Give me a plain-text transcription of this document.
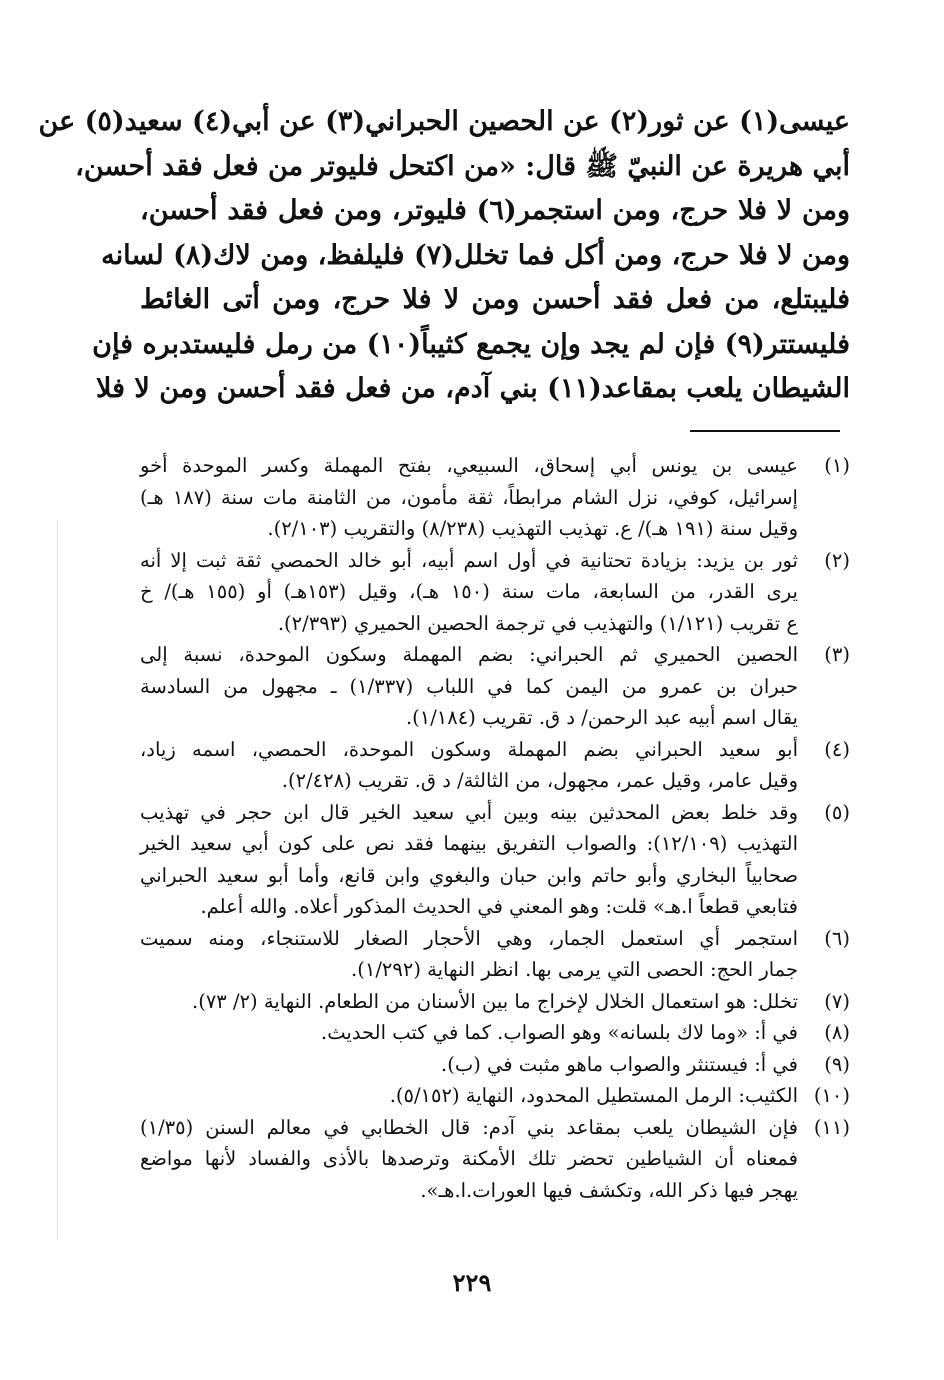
عيسى(١) عن ثور(٢) عن الحصين الحبراني(٣) عن أبي(٤) سعيد(٥) عن
أبي هريرة عن النبيّ ﷺ قال: «من اكتحل فليوتر من فعل فقد أحسن،
ومن لا فلا حرج، ومن استجمر(٦) فليوتر، ومن فعل فقد أحسن،
ومن لا فلا حرج، ومن أكل فما تخلل(٧) فليلفظ، ومن لاك(٨) لسانه
فليبتلع، من فعل فقد أحسن ومن لا فلا حرج، ومن أتى الغائط
فليستتر(٩) فإن لم يجد وإن يجمع كثيباً(١٠) من رمل فليستدبره فإن
الشيطان يلعب بمقاعد(١١) بني آدم، من فعل فقد أحسن ومن لا فلا
(١)
عيسى بن يونس أبي إسحاق، السبيعي، بفتح المهملة وكسر الموحدة أخو
إسرائيل، كوفي، نزل الشام مرابطاً، ثقة مأمون، من الثامنة مات سنة (١٨٧ هـ)
وقيل سنة (١٩١ هـ)/ ع. تهذيب التهذيب (٨/٢٣٨) والتقريب (٢/١٠٣).
(٢)
ثور بن يزيد: بزيادة تحتانية في أول اسم أبيه، أبو خالد الحمصي ثقة ثبت إلا أنه
يرى القدر، من السابعة، مات سنة (١٥٠ هـ)، وقيل (١٥٣هـ) أو (١٥٥ هـ)/ خ
ع تقريب (١/١٢١) والتهذيب في ترجمة الحصين الحميري (٢/٣٩٣).
(٣)
الحصين الحميري ثم الحبراني: بضم المهملة وسكون الموحدة، نسبة إلى
حبران بن عمرو من اليمن كما في اللباب (١/٣٣٧) ـ مجهول من السادسة
يقال اسم أبيه عبد الرحمن/ د ق. تقريب (١/١٨٤).
(٤)
أبو سعيد الحبراني بضم المهملة وسكون الموحدة، الحمصي، اسمه زياد،
وقيل عامر، وقيل عمر، مجهول، من الثالثة/ د ق. تقريب (٢/٤٢٨).
(٥)
وقد خلط بعض المحدثين بينه وبين أبي سعيد الخير قال ابن حجر في تهذيب
التهذيب (١٢/١٠٩): والصواب التفريق بينهما فقد نص على كون أبي سعيد الخير
صحابياً البخاري وأبو حاتم وابن حبان والبغوي وابن قانع، وأما أبو سعيد الحبراني
فتابعي قطعاً ا.هـ» قلت: وهو المعني في الحديث المذكور أعلاه. والله أعلم.
(٦)
استجمر أي استعمل الجمار، وهي الأحجار الصغار للاستنجاء، ومنه سميت
جمار الحج: الحصى التي يرمى بها. انظر النهاية (١/٢٩٢).
(٧)
تخلل: هو استعمال الخلال لإخراج ما بين الأسنان من الطعام. النهاية (٢/ ٧٣).
(٨)
في أ: «وما لاك بلسانه» وهو الصواب. كما في كتب الحديث.
(٩)
في أ: فيستنثر والصواب ماهو مثبت في (ب).
(١٠)
الكثيب: الرمل المستطيل المحدود، النهاية (٥/١٥٢).
(١١)
فإن الشيطان يلعب بمقاعد بني آدم: قال الخطابي في معالم السنن (١/٣٥)
فمعناه أن الشياطين تحضر تلك الأمكنة وترصدها بالأذى والفساد لأنها مواضع
يهجر فيها ذكر الله، وتكشف فيها العورات.ا.هـ».
٢٢٩
